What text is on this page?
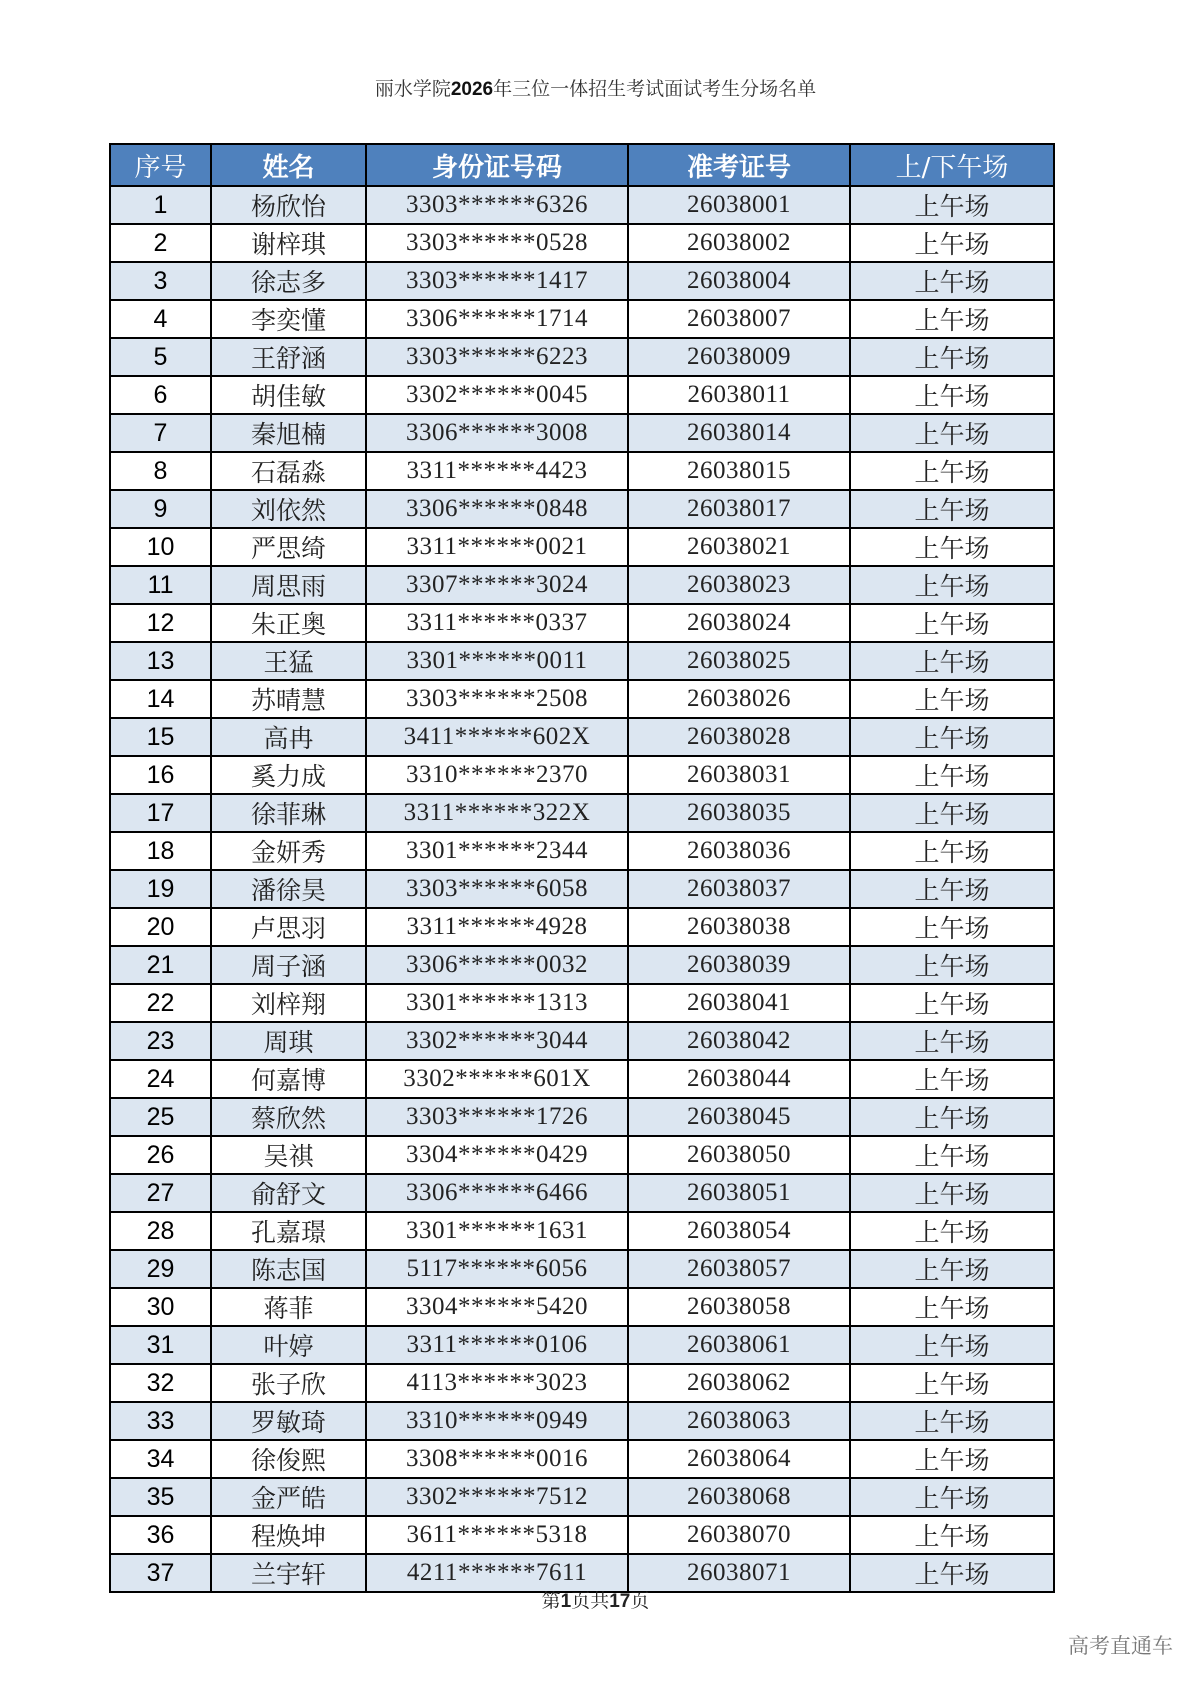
丽水学院2026年三位一体招生考试面试考生分场名单
序号	姓名	身份证号码	准考证号	上/下午场
1	杨欣怡	3303******6326	26038001	上午场
2	谢梓琪	3303******0528	26038002	上午场
3	徐志多	3303******1417	26038004	上午场
4	李奕懂	3306******1714	26038007	上午场
5	王舒涵	3303******6223	26038009	上午场
6	胡佳敏	3302******0045	26038011	上午场
7	秦旭楠	3306******3008	26038014	上午场
8	石磊淼	3311******4423	26038015	上午场
9	刘依然	3306******0848	26038017	上午场
10	严思绮	3311******0021	26038021	上午场
11	周思雨	3307******3024	26038023	上午场
12	朱正奥	3311******0337	26038024	上午场
13	王猛	3301******0011	26038025	上午场
14	苏晴慧	3303******2508	26038026	上午场
15	高冉	3411******602X	26038028	上午场
16	奚力成	3310******2370	26038031	上午场
17	徐菲琳	3311******322X	26038035	上午场
18	金妍秀	3301******2344	26038036	上午场
19	潘徐昊	3303******6058	26038037	上午场
20	卢思羽	3311******4928	26038038	上午场
21	周子涵	3306******0032	26038039	上午场
22	刘梓翔	3301******1313	26038041	上午场
23	周琪	3302******3044	26038042	上午场
24	何嘉博	3302******601X	26038044	上午场
25	蔡欣然	3303******1726	26038045	上午场
26	吴祺	3304******0429	26038050	上午场
27	俞舒文	3306******6466	26038051	上午场
28	孔嘉璟	3301******1631	26038054	上午场
29	陈志国	5117******6056	26038057	上午场
30	蒋菲	3304******5420	26038058	上午场
31	叶婷	3311******0106	26038061	上午场
32	张子欣	4113******3023	26038062	上午场
33	罗敏琦	3310******0949	26038063	上午场
34	徐俊熙	3308******0016	26038064	上午场
35	金严皓	3302******7512	26038068	上午场
36	程焕坤	3611******5318	26038070	上午场
37	兰宇轩	4211******7611	26038071	上午场
第1页共17页
高考直通车
